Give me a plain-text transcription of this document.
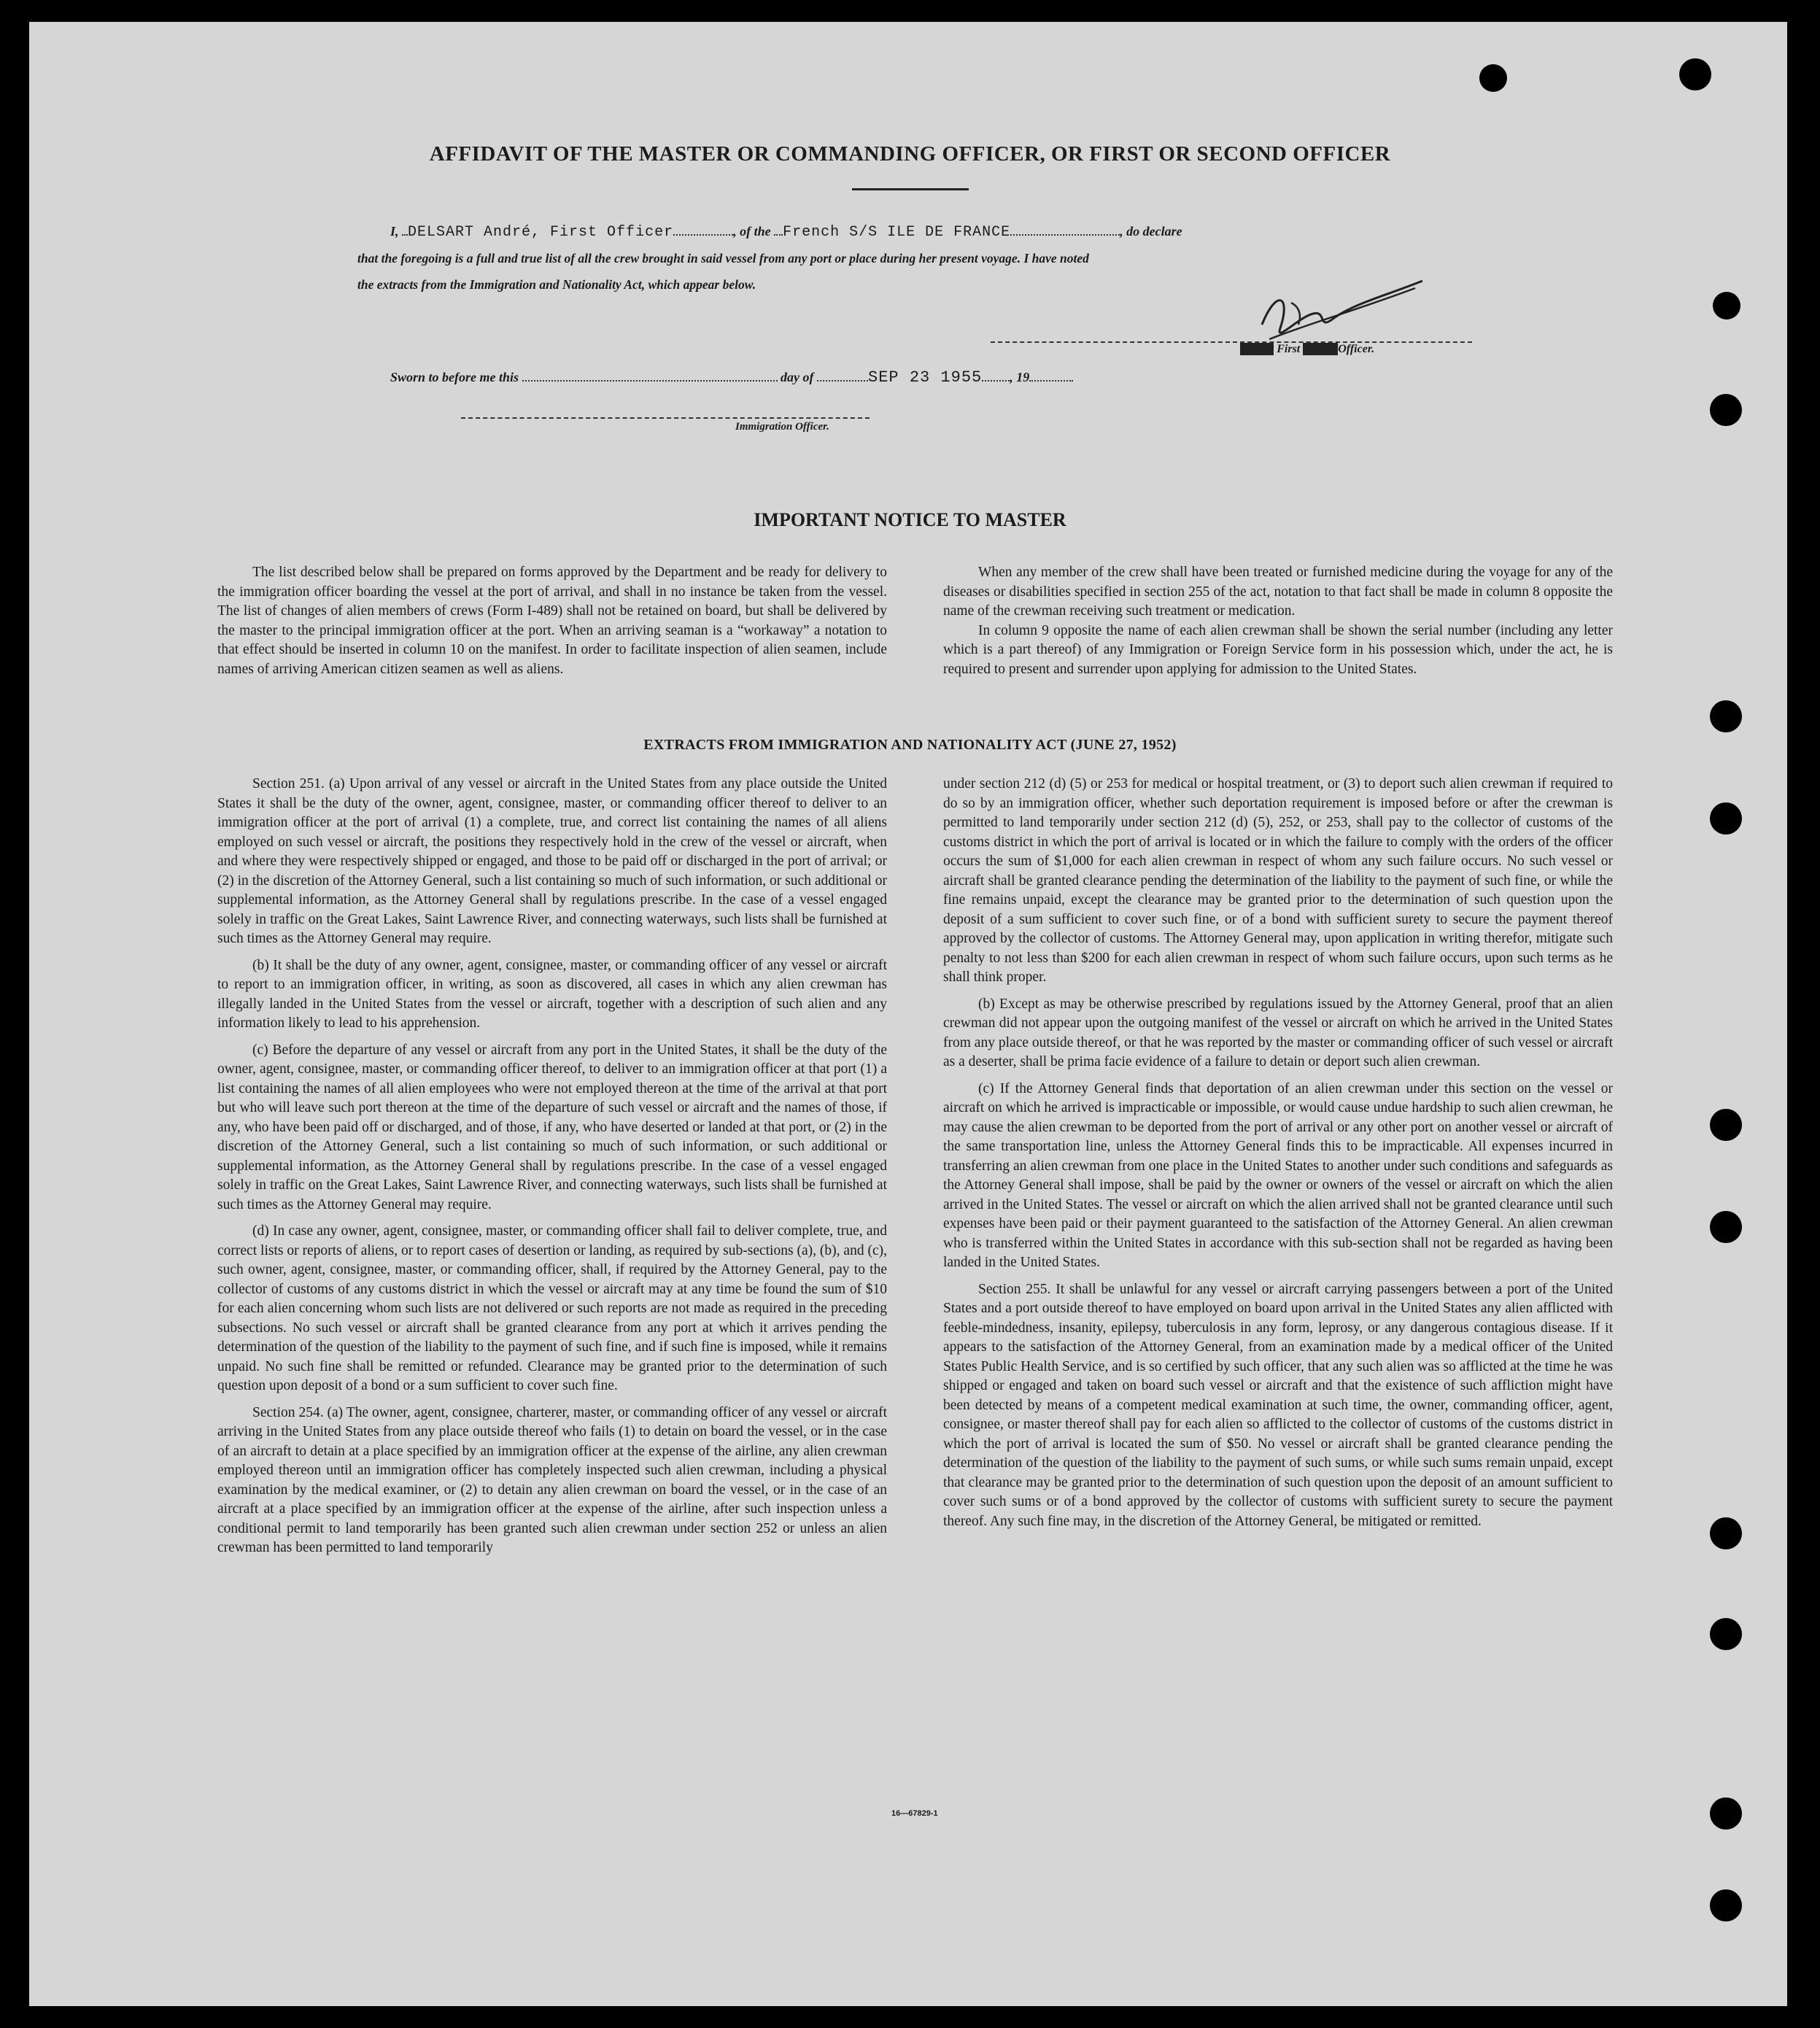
AFFIDAVIT OF THE MASTER OR COMMANDING OFFICER, OR FIRST OR SECOND OFFICER
I, DELSART André, First Officer	, of the French S/S ILE DE FRANCE	, do declare
that the foregoing is a full and true list of all the crew brought in said vessel from any port or place during her present voyage. I have noted
the extracts from the Immigration and Nationality Act, which appear below.
Master First SecondOfficer.
Sworn to before me this	day of	SEP 23 1955 , 19
Immigration Officer.
IMPORTANT NOTICE TO MASTER

The list described below shall be prepared on forms approved by the Department and be ready for delivery to the immigration officer boarding the vessel at the port of arrival, and shall in no instance be taken from the vessel. The list of changes of alien members of crews (Form I-489) shall not be retained on board, but shall be delivered by the master to the principal immigration officer at the port. When an arriving seaman is a “workaway” a notation to that effect should be inserted in column 10 on the manifest. In order to facilitate inspection of alien seamen, include names of arriving American citizen seamen as well as aliens.

When any member of the crew shall have been treated or furnished medicine during the voyage for any of the diseases or disabilities specified in section 255 of the act, notation to that fact shall be made in column 8 opposite the name of the crewman receiving such treatment or medication.

In column 9 opposite the name of each alien crewman shall be shown the serial number (including any letter which is a part thereof) of any Immigration or Foreign Service form in his possession which, under the act, he is required to present and surrender upon applying for admission to the United States.

EXTRACTS FROM IMMIGRATION AND NATIONALITY ACT (JUNE 27, 1952)

Section 251. (a) Upon arrival of any vessel or aircraft in the United States from any place outside the United States it shall be the duty of the owner, agent, consignee, master, or commanding officer thereof to deliver to an immigration officer at the port of arrival (1) a complete, true, and correct list containing the names of all aliens employed on such vessel or aircraft, the positions they respectively hold in the crew of the vessel or aircraft, when and where they were respectively shipped or engaged, and those to be paid off or discharged in the port of arrival; or (2) in the discretion of the Attorney General, such a list containing so much of such information, or such additional or supplemental information, as the Attorney General shall by regulations prescribe. In the case of a vessel engaged solely in traffic on the Great Lakes, Saint Lawrence River, and connecting waterways, such lists shall be furnished at such times as the Attorney General may require.

(b) It shall be the duty of any owner, agent, consignee, master, or commanding officer of any vessel or aircraft to report to an immigration officer, in writing, as soon as discovered, all cases in which any alien crewman has illegally landed in the United States from the vessel or aircraft, together with a description of such alien and any information likely to lead to his apprehension.

(c) Before the departure of any vessel or aircraft from any port in the United States, it shall be the duty of the owner, agent, consignee, master, or commanding officer thereof, to deliver to an immigration officer at that port (1) a list containing the names of all alien employees who were not employed thereon at the time of the arrival at that port but who will leave such port thereon at the time of the departure of such vessel or aircraft and the names of those, if any, who have been paid off or discharged, and of those, if any, who have deserted or landed at that port, or (2) in the discretion of the Attorney General, such a list containing so much of such information, or such additional or supplemental information, as the Attorney General shall by regulations prescribe. In the case of a vessel engaged solely in traffic on the Great Lakes, Saint Lawrence River, and connecting waterways, such lists shall be furnished at such times as the Attorney General may require.

(d) In case any owner, agent, consignee, master, or commanding officer shall fail to deliver complete, true, and correct lists or reports of aliens, or to report cases of desertion or landing, as required by sub-sections (a), (b), and (c), such owner, agent, consignee, master, or commanding officer, shall, if required by the Attorney General, pay to the collector of customs of any customs district in which the vessel or aircraft may at any time be found the sum of $10 for each alien concerning whom such lists are not delivered or such reports are not made as required in the preceding subsections. No such vessel or aircraft shall be granted clearance from any port at which it arrives pending the determination of the question of the liability to the payment of such fine, and if such fine is imposed, while it remains unpaid. No such fine shall be remitted or refunded. Clearance may be granted prior to the determination of such question upon deposit of a bond or a sum sufficient to cover such fine.

Section 254. (a) The owner, agent, consignee, charterer, master, or commanding officer of any vessel or aircraft arriving in the United States from any place outside thereof who fails (1) to detain on board the vessel, or in the case of an aircraft to detain at a place specified by an immigration officer at the expense of the airline, any alien crewman employed thereon until an immigration officer has completely inspected such alien crewman, including a physical examination by the medical examiner, or (2) to detain any alien crewman on board the vessel, or in the case of an aircraft at a place specified by an immigration officer at the expense of the airline, after such inspection unless a conditional permit to land temporarily has been granted such alien crewman under section 252 or unless an alien crewman has been permitted to land temporarily

under section 212 (d) (5) or 253 for medical or hospital treatment, or (3) to deport such alien crewman if required to do so by an immigration officer, whether such deportation requirement is imposed before or after the crewman is permitted to land temporarily under section 212 (d) (5), 252, or 253, shall pay to the collector of customs of the customs district in which the port of arrival is located or in which the failure to comply with the orders of the officer occurs the sum of $1,000 for each alien crewman in respect of whom any such failure occurs. No such vessel or aircraft shall be granted clearance pending the determination of the liability to the payment of such fine, or while the fine remains unpaid, except the clearance may be granted prior to the determination of such question upon the deposit of a sum sufficient to cover such fine, or of a bond with sufficient surety to secure the payment thereof approved by the collector of customs. The Attorney General may, upon application in writing therefor, mitigate such penalty to not less than $200 for each alien crewman in respect of whom such failure occurs, upon such terms as he shall think proper.

(b) Except as may be otherwise prescribed by regulations issued by the Attorney General, proof that an alien crewman did not appear upon the outgoing manifest of the vessel or aircraft on which he arrived in the United States from any place outside thereof, or that he was reported by the master or commanding officer of such vessel or aircraft as a deserter, shall be prima facie evidence of a failure to detain or deport such alien crewman.

(c) If the Attorney General finds that deportation of an alien crewman under this section on the vessel or aircraft on which he arrived is impracticable or impossible, or would cause undue hardship to such alien crewman, he may cause the alien crewman to be deported from the port of arrival or any other port on another vessel or aircraft of the same transportation line, unless the Attorney General finds this to be impracticable. All expenses incurred in transferring an alien crewman from one place in the United States to another under such conditions and safeguards as the Attorney General shall impose, shall be paid by the owner or owners of the vessel or aircraft on which the alien arrived in the United States. The vessel or aircraft on which the alien arrived shall not be granted clearance until such expenses have been paid or their payment guaranteed to the satisfaction of the Attorney General. An alien crewman who is transferred within the United States in accordance with this sub-section shall not be regarded as having been landed in the United States.

Section 255. It shall be unlawful for any vessel or aircraft carrying passengers between a port of the United States and a port outside thereof to have employed on board upon arrival in the United States any alien afflicted with feeble-mindedness, insanity, epilepsy, tuberculosis in any form, leprosy, or any dangerous contagious disease. If it appears to the satisfaction of the Attorney General, from an examination made by a medical officer of the United States Public Health Service, and is so certified by such officer, that any such alien was so afflicted at the time he was shipped or engaged and taken on board such vessel or aircraft and that the existence of such affliction might have been detected by means of a competent medical examination at such time, the owner, commanding officer, agent, consignee, or master thereof shall pay for each alien so afflicted to the collector of customs of the customs district in which the port of arrival is located the sum of $50. No vessel or aircraft shall be granted clearance pending the determination of the question of the liability to the payment of such sums, or while such sums remain unpaid, except that clearance may be granted prior to the determination of such question upon the deposit of an amount sufficient to cover such sums or of a bond approved by the collector of customs with sufficient surety to secure the payment thereof. Any such fine may, in the discretion of the Attorney General, be mitigated or remitted.

16—67829-1
